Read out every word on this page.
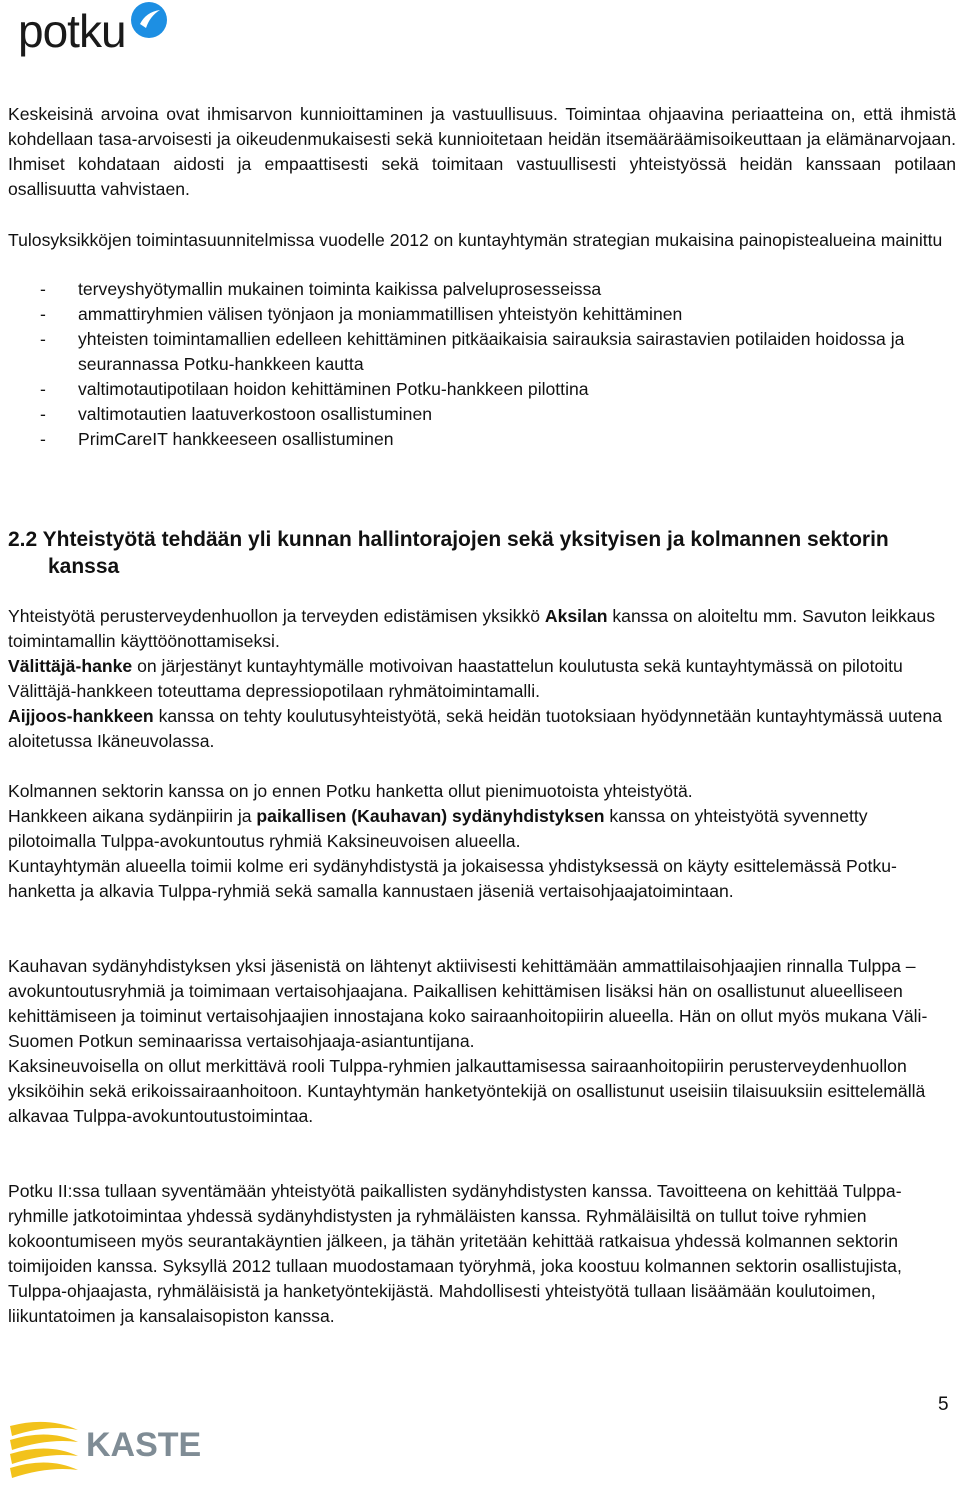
potku

Keskeisinä arvoina ovat ihmisarvon kunnioittaminen ja vastuullisuus. Toimintaa ohjaavina periaatteina on, että ihmistä kohdellaan tasa-arvoisesti ja oikeudenmukaisesti sekä kunnioitetaan heidän itsemääräämisoikeuttaan ja elämänarvojaan. Ihmiset kohdataan aidosti ja empaattisesti sekä toimitaan vastuullisesti yhteistyössä heidän kanssaan potilaan osallisuutta vahvistaen.

Tulosyksikköjen toimintasuunnitelmissa vuodelle 2012 on kuntayhtymän strategian mukaisina painopistealueina mainittu

- terveyshyötymallin mukainen toiminta kaikissa palveluprosesseissa
- ammattiryhmien välisen työnjaon ja moniammatillisen yhteistyön kehittäminen
- yhteisten toimintamallien edelleen kehittäminen pitkäaikaisia sairauksia sairastavien potilaiden hoidossa ja seurannassa Potku-hankkeen kautta
- valtimotautipotilaan hoidon kehittäminen Potku-hankkeen pilottina
- valtimotautien laatuverkostoon osallistuminen
- PrimCareIT hankkeeseen osallistuminen
2.2 Yhteistyötä tehdään yli kunnan hallintorajojen sekä yksityisen ja kolmannen sektorin kanssa

Yhteistyötä perusterveydenhuollon ja terveyden edistämisen yksikkö Aksilan kanssa on aloiteltu mm. Savuton leikkaus toimintamallin käyttöönottamiseksi.

Välittäjä-hanke on järjestänyt kuntayhtymälle motivoivan haastattelun koulutusta sekä kuntayhtymässä on pilotoitu Välittäjä-hankkeen toteuttama depressiopotilaan ryhmätoimintamalli.

Aijjoos-hankkeen kanssa on tehty koulutusyhteistyötä, sekä heidän tuotoksiaan hyödynnetään kuntayhtymässä uutena aloitetussa Ikäneuvolassa.

Kolmannen sektorin kanssa on jo ennen Potku hanketta ollut pienimuotoista yhteistyötä.

Hankkeen aikana sydänpiirin ja paikallisen (Kauhavan) sydänyhdistyksen kanssa on yhteistyötä syvennetty pilotoimalla Tulppa-avokuntoutus ryhmiä Kaksineuvoisen alueella.

Kuntayhtymän alueella toimii kolme eri sydänyhdistystä ja jokaisessa yhdistyksessä on käyty esittelemässä Potku-hanketta ja alkavia Tulppa-ryhmiä sekä samalla kannustaen jäseniä vertaisohjaajatoimintaan.

Kauhavan sydänyhdistyksen yksi jäsenistä on lähtenyt aktiivisesti kehittämään ammattilaisohjaajien rinnalla Tulppa – avokuntoutusryhmiä ja toimimaan vertaisohjaajana. Paikallisen kehittämisen lisäksi hän on osallistunut alueelliseen kehittämiseen ja toiminut vertaisohjaajien innostajana koko sairaanhoitopiirin alueella. Hän on ollut myös mukana Väli-Suomen Potkun seminaarissa vertaisohjaaja-asiantuntijana.

Kaksineuvoisella on ollut merkittävä rooli Tulppa-ryhmien jalkauttamisessa sairaanhoitopiirin perusterveydenhuollon yksiköihin sekä erikoissairaanhoitoon. Kuntayhtymän hanketyöntekijä on osallistunut useisiin tilaisuuksiin esittelemällä alkavaa Tulppa-avokuntoutustoimintaa.

Potku II:ssa tullaan syventämään yhteistyötä paikallisten sydänyhdistysten kanssa. Tavoitteena on kehittää Tulppa-ryhmille jatkotoimintaa yhdessä sydänyhdistysten ja ryhmäläisten kanssa. Ryhmäläisiltä on tullut toive ryhmien kokoontumiseen myös seurantakäyntien jälkeen, ja tähän yritetään kehittää ratkaisua yhdessä kolmannen sektorin toimijoiden kanssa. Syksyllä 2012 tullaan muodostamaan työryhmä, joka koostuu kolmannen sektorin osallistujista, Tulppa-ohjaajasta, ryhmäläisistä ja hanketyöntekijästä. Mahdollisesti yhteistyötä tullaan lisäämään koulutoimen, liikuntatoimen ja kansalaisopiston kanssa.

5
KASTE
